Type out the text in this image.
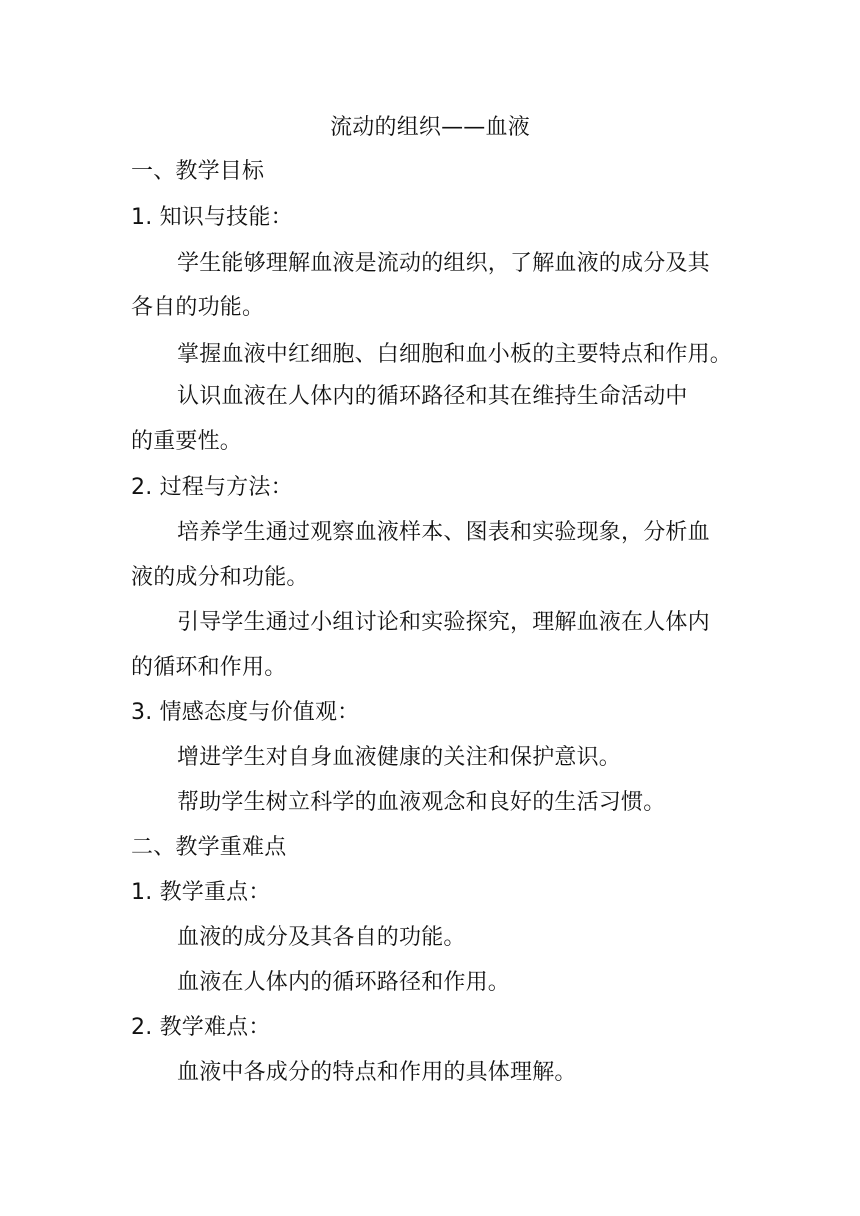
流动的组织——血液

一、教学目标

1. 知识与技能：

学生能够理解血液是流动的组织，了解血液的成分及其

各自的功能。

掌握血液中红细胞、白细胞和血小板的主要特点和作用。

认识血液在人体内的循环路径和其在维持生命活动中

的重要性。

2. 过程与方法：

培养学生通过观察血液样本、图表和实验现象，分析血

液的成分和功能。

引导学生通过小组讨论和实验探究，理解血液在人体内

的循环和作用。

3. 情感态度与价值观：

增进学生对自身血液健康的关注和保护意识。

帮助学生树立科学的血液观念和良好的生活习惯。

二、教学重难点

1. 教学重点：

血液的成分及其各自的功能。

血液在人体内的循环路径和作用。

2. 教学难点：

血液中各成分的特点和作用的具体理解。
